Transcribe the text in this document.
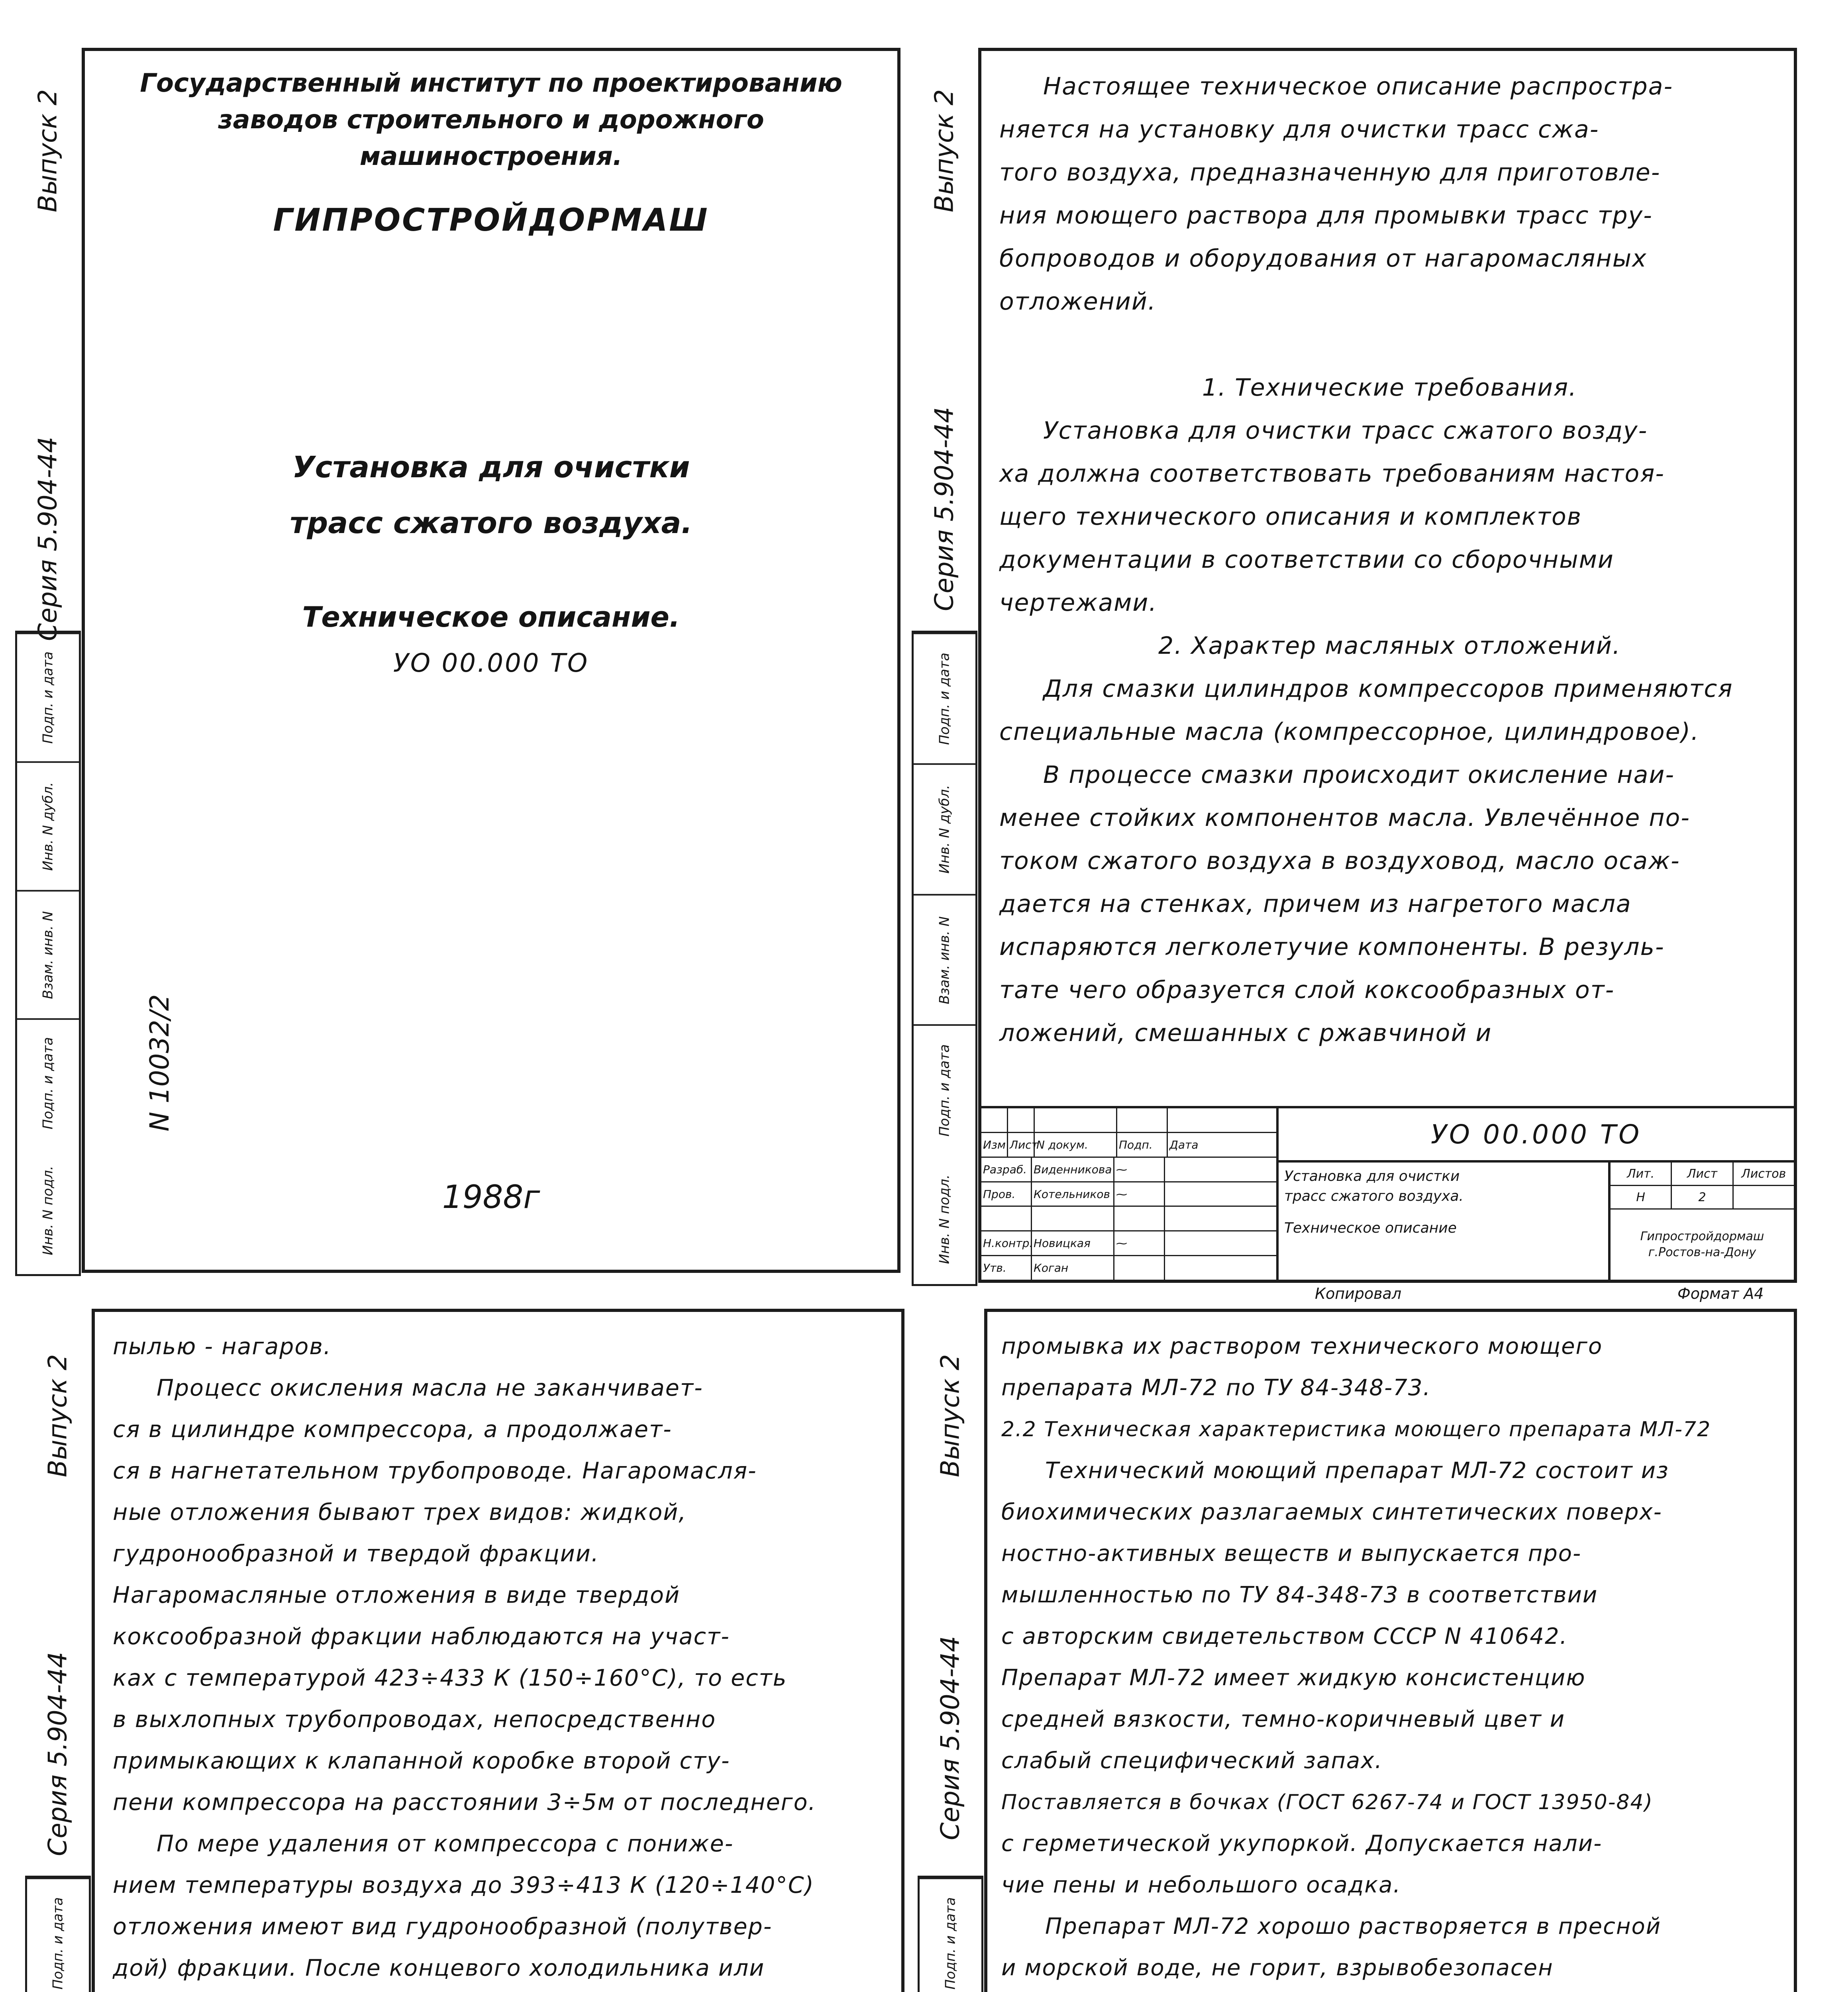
Выпуск 2
Серия 5.904-44
Подп. и дата
Инв. N дубл.
Взам. инв. N
Подп. и дата
Инв. N подл.
N 10032/2
Государственный институт по проектированию
заводов строительного и дорожного
машиностроения.
ГИПРОСТРОЙДОРМАШ
Установка для очистки
трасс сжатого воздуха.
Техническое описание.
УО 00.000 ТО
1988г
Выпуск 2
Серия 5.904-44
Подп. и дата
Инв. N дубл.
Взам. инв. N
Подп. и дата
Инв. N подл.

Настоящее техническое описание распростра-

няется на установку для очистки трасс сжа-

того воздуха, предназначенную для приготовле-

ния моющего раствора для промывки трасс тру-

бопроводов и оборудования от нагаромасляных

отложений.

1. Технические требования.

Установка для очистки трасс сжатого возду-

ха должна соответствовать требованиям настоя-

щего технического описания и комплектов

документации в соответствии со сборочными

чертежами.

2. Характер масляных отложений.

Для смазки цилиндров компрессоров применяются

специальные масла (компрессорное, цилиндровое).

В процессе смазки происходит окисление наи-

менее стойких компонентов масла. Увлечённое по-

током сжатого воздуха в воздуховод, масло осаж-

дается на стенках, причем из нагретого масла

испаряются легколетучие компоненты. В резуль-

тате чего образуется слой коксообразных от-

ложений, смешанных с ржавчиной и

Изм Лист
N докум.	Подп.	Дата
Разраб. Виденникова ⁓
Пров.	Котельников ⁓
Н.контр. Новицкая	⁓
Утв.	Коган
УО 00.000 ТО
Установка для очистки
трасс сжатого воздуха.
Техническое описание
Лит.	Лист	Листов
Н	2
Гипростройдормаш
г.Ростов-на-Дону
Копировал	Формат А4
Выпуск 2
Серия 5.904-44
Подп. и дата

пылью - нагаров.

Процесс окисления масла не заканчивает-

ся в цилиндре компрессора, а продолжает-

ся в нагнетательном трубопроводе. Нагаромасля-

ные отложения бывают трех видов: жидкой,

гудронообразной и твердой фракции.

Нагаромасляные отложения в виде твердой

коксообразной фракции наблюдаются на участ-

ках с температурой 423÷433 К (150÷160°С), то есть

в выхлопных трубопроводах, непосредственно

примыкающих к клапанной коробке второй сту-

пени компрессора на расстоянии 3÷5м от последнего.

По мере удаления от компрессора с пониже-

нием температуры воздуха до 393÷413 К (120÷140°С)

отложения имеют вид гудронообразной (полутвер-

дой) фракции. После концевого холодильника или

Выпуск 2
Серия 5.904-44
Подп. и дата

промывка их раствором технического моющего

препарата МЛ-72 по ТУ 84-348-73.

2.2 Техническая характеристика моющего препарата МЛ-72

Технический моющий препарат МЛ-72 состоит из

биохимических разлагаемых синтетических поверх-

ностно-активных веществ и выпускается про-

мышленностью по ТУ 84-348-73 в соответствии

с авторским свидетельством СССР N 410642.

Препарат МЛ-72 имеет жидкую консистенцию

средней вязкости, темно-коричневый цвет и

слабый специфический запах.

Поставляется в бочках (ГОСТ 6267-74 и ГОСТ 13950-84)

с герметической укупоркой. Допускается нали-

чие пены и небольшого осадка.

Препарат МЛ-72 хорошо растворяется в пресной

и морской воде, не горит, взрывобезопасен
